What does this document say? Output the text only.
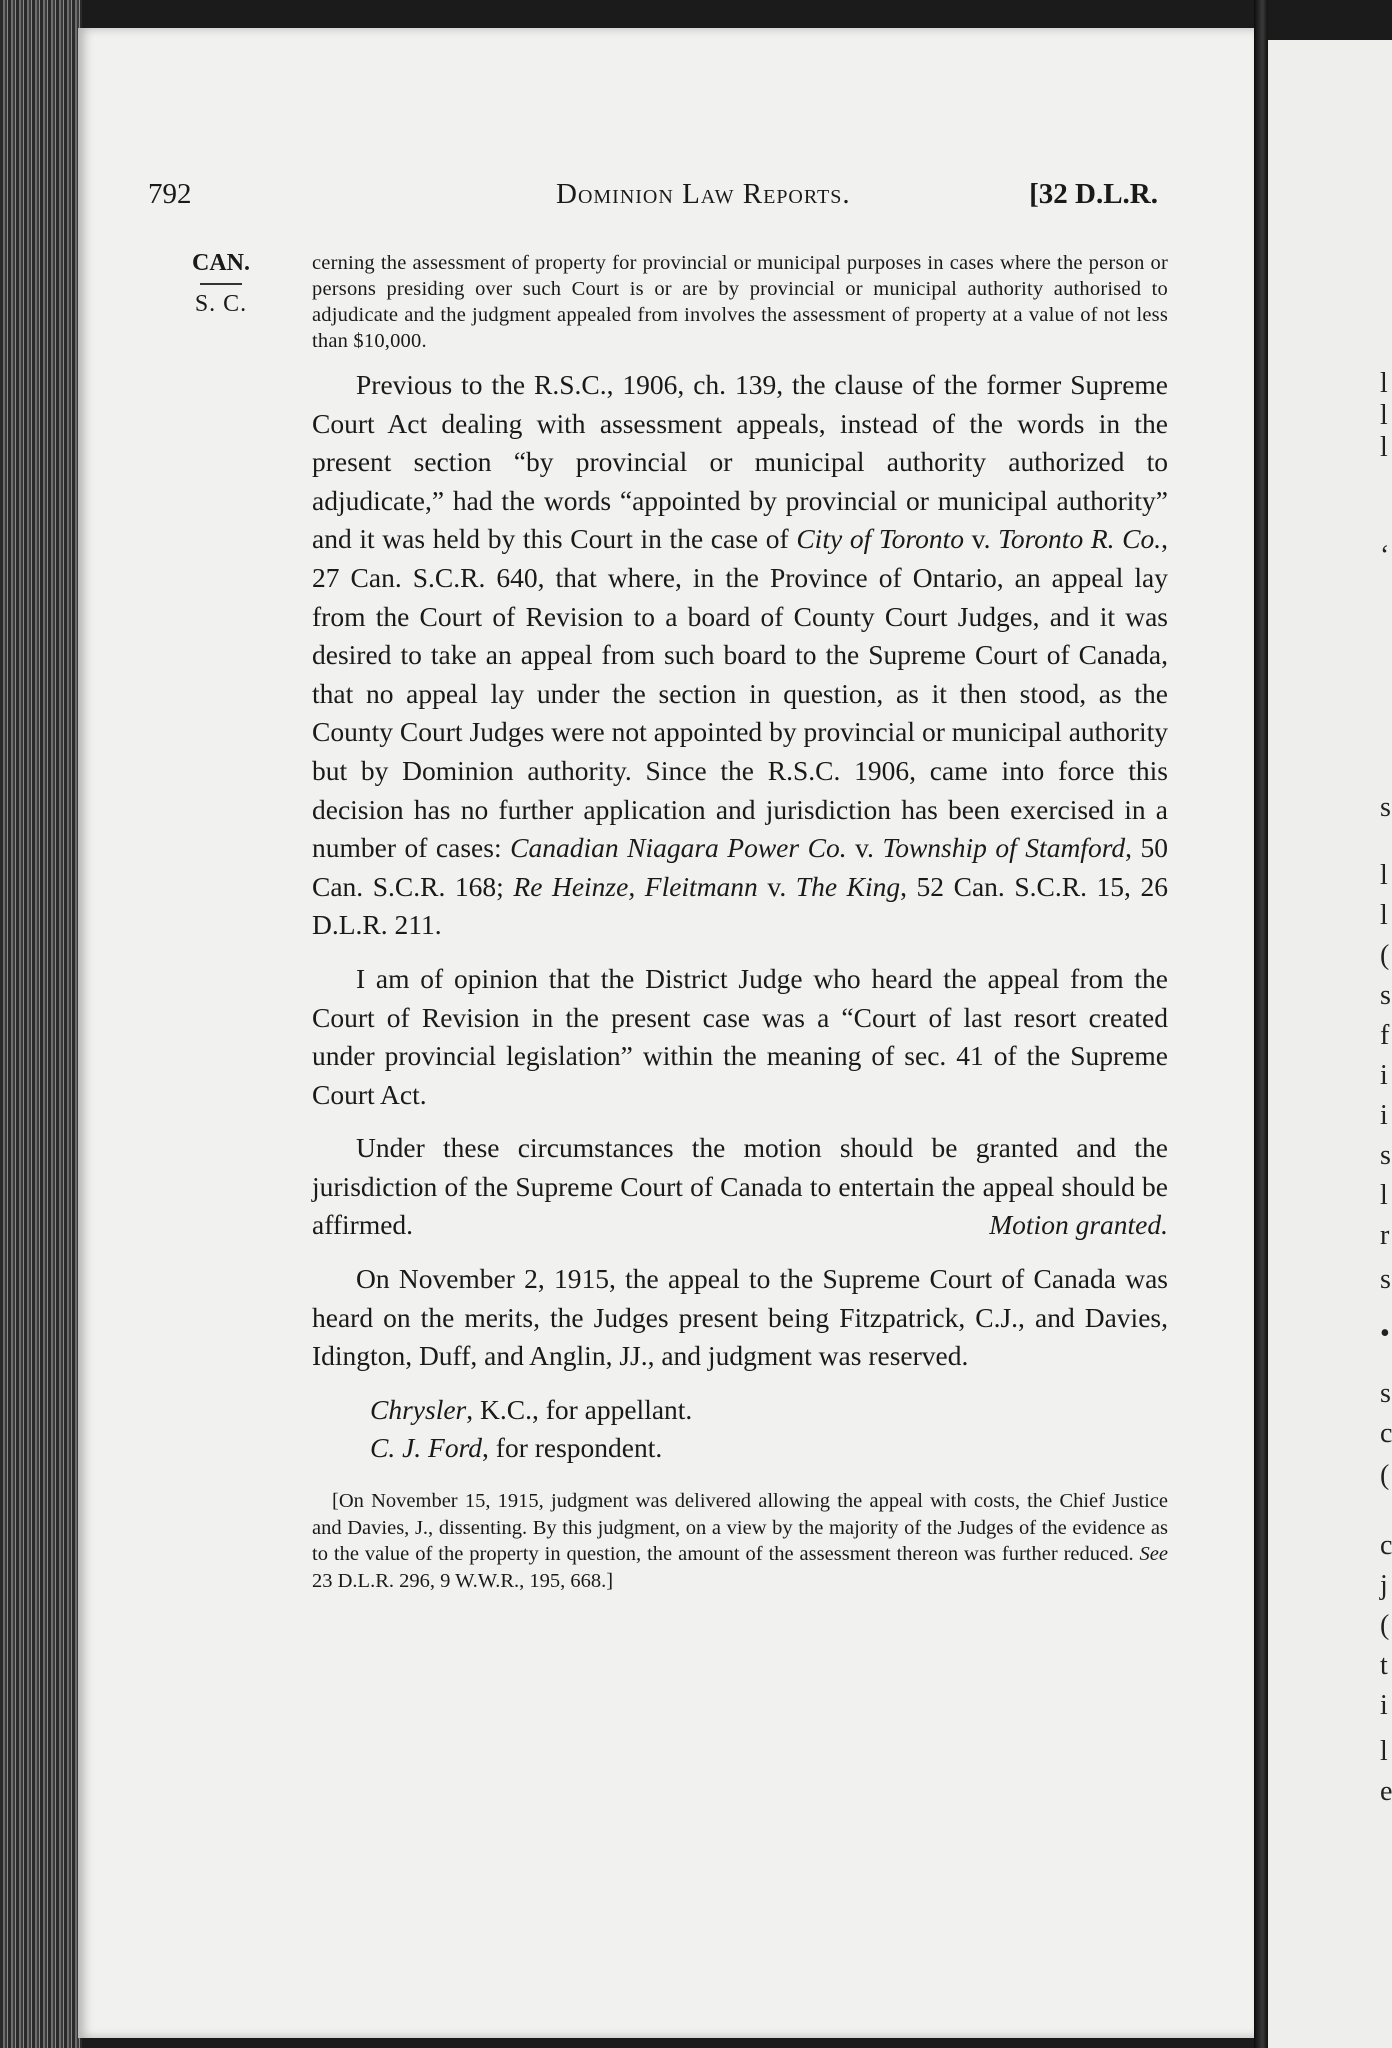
l
l
l
‘
s
l
l
(
s
f
i
i
s
l
r
s
•
s
c
(
c
j
(
t
i
l
e
792	Dominion Law Reports.	[32 D.L.R.
CAN.
S. C.

cerning the assessment of property for provincial or municipal purposes in cases where the person or persons presiding over such Court is or are by provincial or municipal authority authorised to adjudicate and the judgment appealed from involves the assessment of property at a value of not less than $10,000.

Previous to the R.S.C., 1906, ch. 139, the clause of the former Supreme Court Act dealing with assessment appeals, instead of the words in the present section “by provincial or municipal authority authorized to adjudicate,” had the words “appointed by provincial or municipal authority” and it was held by this Court in the case of City of Toronto v. Toronto R. Co., 27 Can. S.C.R. 640, that where, in the Province of Ontario, an appeal lay from the Court of Revision to a board of County Court Judges, and it was desired to take an appeal from such board to the Supreme Court of Canada, that no appeal lay under the section in question, as it then stood, as the County Court Judges were not appointed by provincial or municipal authority but by Dominion authority. Since the R.S.C. 1906, came into force this decision has no further application and jurisdiction has been exercised in a number of cases: Canadian Niagara Power Co. v. Township of Stamford, 50 Can. S.C.R. 168; Re Heinze, Fleitmann v. The King, 52 Can. S.C.R. 15, 26 D.L.R. 211.

I am of opinion that the District Judge who heard the appeal from the Court of Revision in the present case was a “Court of last resort created under provincial legislation” within the meaning of sec. 41 of the Supreme Court Act.

Under these circumstances the motion should be granted and the jurisdiction of the Supreme Court of Canada to entertain the appeal should be affirmed.	Motion granted.

On November 2, 1915, the appeal to the Supreme Court of Canada was heard on the merits, the Judges present being Fitzpatrick, C.J., and Davies, Idington, Duff, and Anglin, JJ., and judgment was reserved.

Chrysler, K.C., for appellant.

C. J. Ford, for respondent.

[On November 15, 1915, judgment was delivered allowing the appeal with costs, the Chief Justice and Davies, J., dissenting. By this judgment, on a view by the majority of the Judges of the evidence as to the value of the property in question, the amount of the assessment thereon was further reduced. See 23 D.L.R. 296, 9 W.W.R., 195, 668.]
